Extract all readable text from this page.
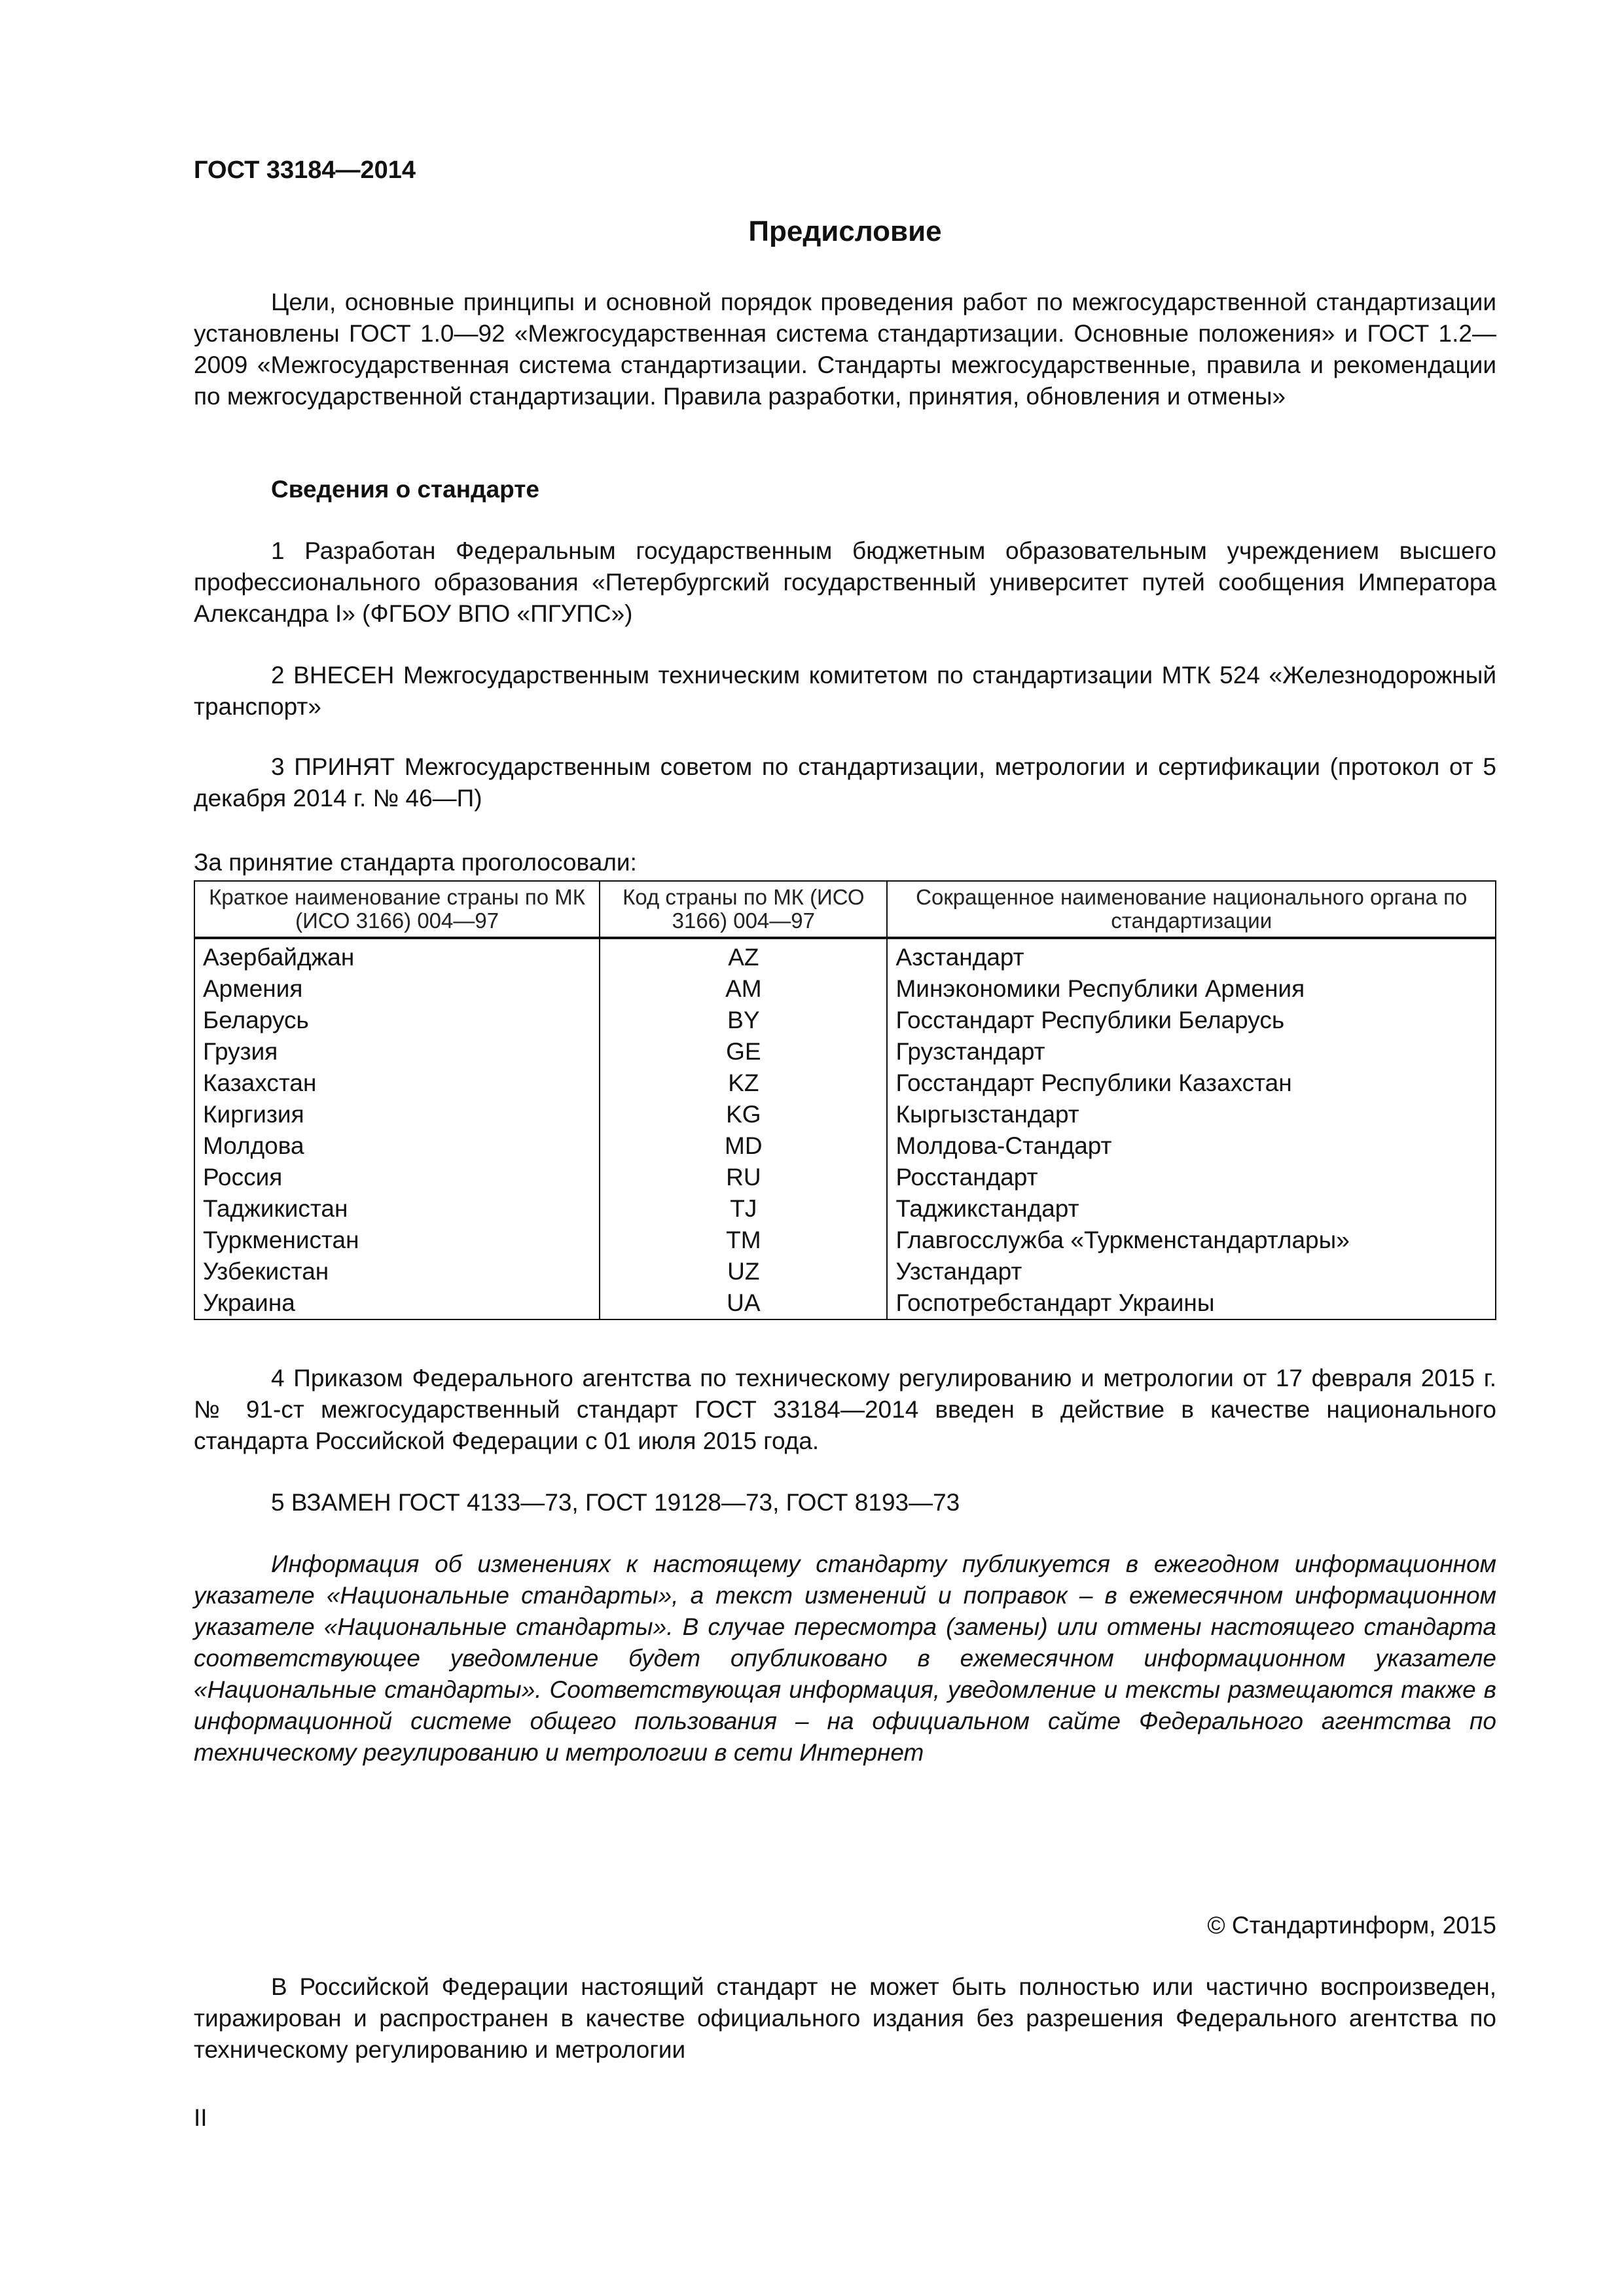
ГОСТ 33184—2014
Предисловие

Цели, основные принципы и основной порядок проведения работ по межгосударственной стандартизации установлены ГОСТ 1.0—92 «Межгосударственная система стандартизации. Основные положения» и ГОСТ 1.2—2009 «Межгосударственная система стандартизации. Стандарты межгосударственные, правила и рекомендации по межгосударственной стандартизации. Правила разработки, принятия, обновления и отмены»

Сведения о стандарте

1 Разработан Федеральным государственным бюджетным образовательным учреждением высшего профессионального образования «Петербургский государственный университет путей сообщения Императора Александра I» (ФГБОУ ВПО «ПГУПС»)

2 ВНЕСЕН Межгосударственным техническим комитетом по стандартизации МТК 524 «Железнодорожный транспорт»

3 ПРИНЯТ Межгосударственным советом по стандартизации, метрологии и сертификации (протокол от 5 декабря 2014 г. № 46—П)

За принятие стандарта проголосовали:

Краткое наименование страны по МК (ИСО 3166) 004—97	Код страны по МК (ИСО 3166) 004—97	Сокращенное наименование национального органа по стандартизации
Азербайджан	AZ	Азстандарт
Армения	AM	Минэкономики Республики Армения
Беларусь	BY	Госстандарт Республики Беларусь
Грузия	GE	Грузстандарт
Казахстан	KZ	Госстандарт Республики Казахстан
Киргизия	KG	Кыргызстандарт
Молдова	MD	Молдова-Стандарт
Россия	RU	Росстандарт
Таджикистан	TJ	Таджикстандарт
Туркменистан	TM	Главгосслужба «Туркменстандартлары»
Узбекистан	UZ	Узстандарт
Украина	UA	Госпотребстандарт Украины

4 Приказом Федерального агентства по техническому регулированию и метрологии от 17 февраля 2015 г. № 91-ст межгосударственный стандарт ГОСТ 33184—2014 введен в действие в качестве национального стандарта Российской Федерации с 01 июля 2015 года.

5 ВЗАМЕН ГОСТ 4133—73, ГОСТ 19128—73, ГОСТ 8193—73

Информация об изменениях к настоящему стандарту публикуется в ежегодном информационном указателе «Национальные стандарты», а текст изменений и поправок – в ежемесячном информационном указателе «Национальные стандарты». В случае пересмотра (замены) или отмены настоящего стандарта соответствующее уведомление будет опубликовано в ежемесячном информационном указателе «Национальные стандарты». Соответствующая информация, уведомление и тексты размещаются также в информационной системе общего пользования – на официальном сайте Федерального агентства по техническому регулированию и метрологии в сети Интернет

© Стандартинформ, 2015

В Российской Федерации настоящий стандарт не может быть полностью или частично воспроизведен, тиражирован и распространен в качестве официального издания без разрешения Федерального агентства по техническому регулированию и метрологии

II
